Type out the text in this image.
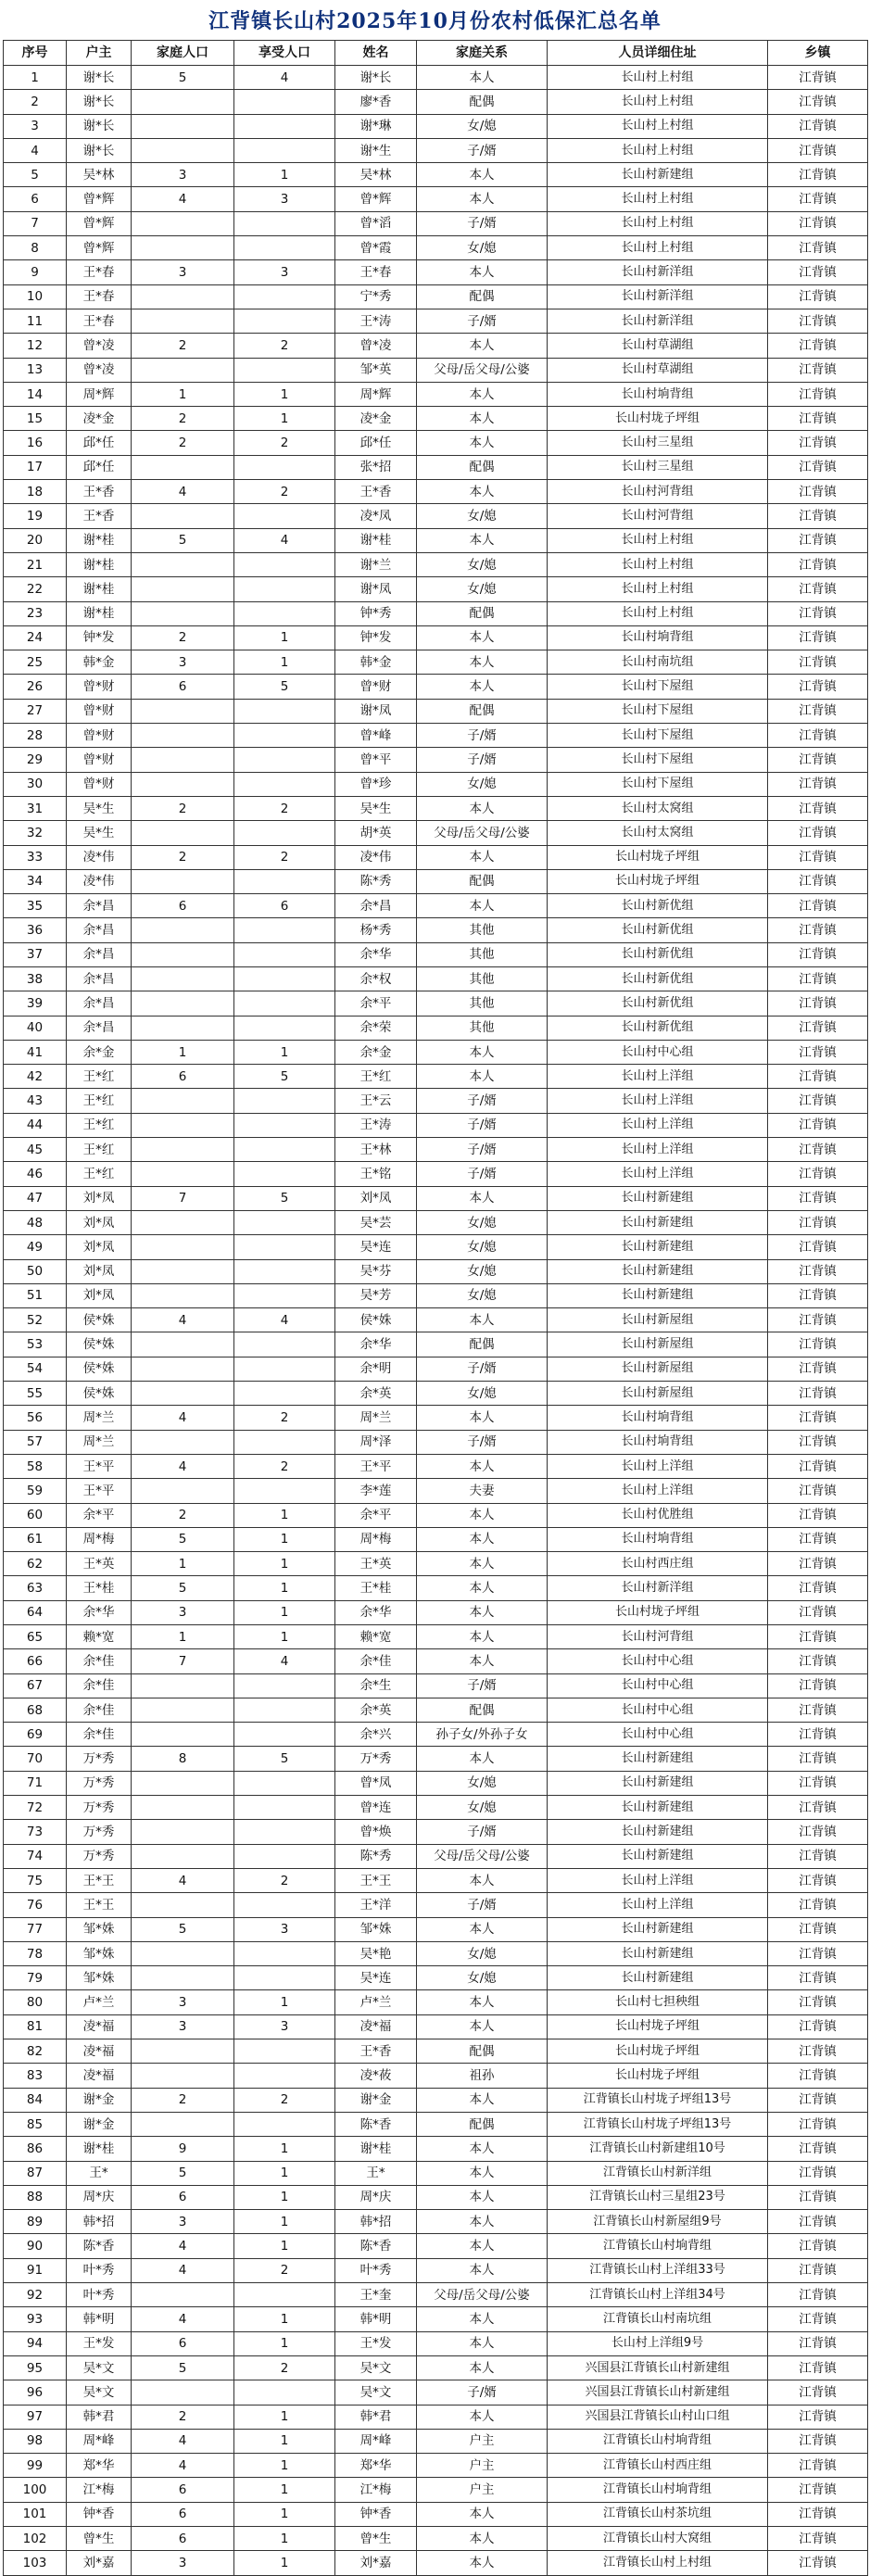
江背镇长山村2025年10月份农村低保汇总名单
序号	户主	家庭人口	享受人口	姓名	家庭关系	人员详细住址	乡镇
1	谢*长	5	4	谢*长	本人	长山村上村组	江背镇
2	谢*长			廖*香	配偶	长山村上村组	江背镇
3	谢*长			谢*琳	女/媳	长山村上村组	江背镇
4	谢*长			谢*生	子/婿	长山村上村组	江背镇
5	吴*林	3	1	吴*林	本人	长山村新建组	江背镇
6	曾*辉	4	3	曾*辉	本人	长山村上村组	江背镇
7	曾*辉			曾*滔	子/婿	长山村上村组	江背镇
8	曾*辉			曾*霞	女/媳	长山村上村组	江背镇
9	王*春	3	3	王*春	本人	长山村新洋组	江背镇
10	王*春			宁*秀	配偶	长山村新洋组	江背镇
11	王*春			王*涛	子/婿	长山村新洋组	江背镇
12	曾*凌	2	2	曾*凌	本人	长山村草湖组	江背镇
13	曾*凌			邹*英	父母/岳父母/公婆	长山村草湖组	江背镇
14	周*辉	1	1	周*辉	本人	长山村垧背组	江背镇
15	凌*金	2	1	凌*金	本人	长山村垅子坪组	江背镇
16	邱*任	2	2	邱*任	本人	长山村三星组	江背镇
17	邱*任			张*招	配偶	长山村三星组	江背镇
18	王*香	4	2	王*香	本人	长山村河背组	江背镇
19	王*香			凌*凤	女/媳	长山村河背组	江背镇
20	谢*桂	5	4	谢*桂	本人	长山村上村组	江背镇
21	谢*桂			谢*兰	女/媳	长山村上村组	江背镇
22	谢*桂			谢*凤	女/媳	长山村上村组	江背镇
23	谢*桂			钟*秀	配偶	长山村上村组	江背镇
24	钟*发	2	1	钟*发	本人	长山村垧背组	江背镇
25	韩*金	3	1	韩*金	本人	长山村南坑组	江背镇
26	曾*财	6	5	曾*财	本人	长山村下屋组	江背镇
27	曾*财			谢*凤	配偶	长山村下屋组	江背镇
28	曾*财			曾*峰	子/婿	长山村下屋组	江背镇
29	曾*财			曾*平	子/婿	长山村下屋组	江背镇
30	曾*财			曾*珍	女/媳	长山村下屋组	江背镇
31	吴*生	2	2	吴*生	本人	长山村太窝组	江背镇
32	吴*生			胡*英	父母/岳父母/公婆	长山村太窝组	江背镇
33	凌*伟	2	2	凌*伟	本人	长山村垅子坪组	江背镇
34	凌*伟			陈*秀	配偶	长山村垅子坪组	江背镇
35	余*昌	6	6	余*昌	本人	长山村新优组	江背镇
36	余*昌			杨*秀	其他	长山村新优组	江背镇
37	余*昌			余*华	其他	长山村新优组	江背镇
38	余*昌			余*权	其他	长山村新优组	江背镇
39	余*昌			余*平	其他	长山村新优组	江背镇
40	余*昌			余*荣	其他	长山村新优组	江背镇
41	余*金	1	1	余*金	本人	长山村中心组	江背镇
42	王*红	6	5	王*红	本人	长山村上洋组	江背镇
43	王*红			王*云	子/婿	长山村上洋组	江背镇
44	王*红			王*涛	子/婿	长山村上洋组	江背镇
45	王*红			王*林	子/婿	长山村上洋组	江背镇
46	王*红			王*铭	子/婿	长山村上洋组	江背镇
47	刘*凤	7	5	刘*凤	本人	长山村新建组	江背镇
48	刘*凤			吴*芸	女/媳	长山村新建组	江背镇
49	刘*凤			吴*连	女/媳	长山村新建组	江背镇
50	刘*凤			吴*芬	女/媳	长山村新建组	江背镇
51	刘*凤			吴*芳	女/媳	长山村新建组	江背镇
52	侯*姝	4	4	侯*姝	本人	长山村新屋组	江背镇
53	侯*姝			余*华	配偶	长山村新屋组	江背镇
54	侯*姝			余*明	子/婿	长山村新屋组	江背镇
55	侯*姝			余*英	女/媳	长山村新屋组	江背镇
56	周*兰	4	2	周*兰	本人	长山村垧背组	江背镇
57	周*兰			周*泽	子/婿	长山村垧背组	江背镇
58	王*平	4	2	王*平	本人	长山村上洋组	江背镇
59	王*平			李*莲	夫妻	长山村上洋组	江背镇
60	余*平	2	1	余*平	本人	长山村优胜组	江背镇
61	周*梅	5	1	周*梅	本人	长山村垧背组	江背镇
62	王*英	1	1	王*英	本人	长山村西庄组	江背镇
63	王*桂	5	1	王*桂	本人	长山村新洋组	江背镇
64	余*华	3	1	余*华	本人	长山村垅子坪组	江背镇
65	赖*宽	1	1	赖*宽	本人	长山村河背组	江背镇
66	余*佳	7	4	余*佳	本人	长山村中心组	江背镇
67	余*佳			余*生	子/婿	长山村中心组	江背镇
68	余*佳			余*英	配偶	长山村中心组	江背镇
69	余*佳			余*兴	孙子女/外孙子女	长山村中心组	江背镇
70	万*秀	8	5	万*秀	本人	长山村新建组	江背镇
71	万*秀			曾*凤	女/媳	长山村新建组	江背镇
72	万*秀			曾*连	女/媳	长山村新建组	江背镇
73	万*秀			曾*焕	子/婿	长山村新建组	江背镇
74	万*秀			陈*秀	父母/岳父母/公婆	长山村新建组	江背镇
75	王*王	4	2	王*王	本人	长山村上洋组	江背镇
76	王*王			王*洋	子/婿	长山村上洋组	江背镇
77	邹*姝	5	3	邹*姝	本人	长山村新建组	江背镇
78	邹*姝			吴*艳	女/媳	长山村新建组	江背镇
79	邹*姝			吴*连	女/媳	长山村新建组	江背镇
80	卢*兰	3	1	卢*兰	本人	长山村七担秧组	江背镇
81	凌*福	3	3	凌*福	本人	长山村垅子坪组	江背镇
82	凌*福			王*香	配偶	长山村垅子坪组	江背镇
83	凌*福			凌*莜	祖孙	长山村垅子坪组	江背镇
84	谢*金	2	2	谢*金	本人	江背镇长山村垅子坪组13号	江背镇
85	谢*金			陈*香	配偶	江背镇长山村垅子坪组13号	江背镇
86	谢*桂	9	1	谢*桂	本人	江背镇长山村新建组10号	江背镇
87	王*	5	1	王*	本人	江背镇长山村新洋组	江背镇
88	周*庆	6	1	周*庆	本人	江背镇长山村三星组23号	江背镇
89	韩*招	3	1	韩*招	本人	江背镇长山村新屋组9号	江背镇
90	陈*香	4	1	陈*香	本人	江背镇长山村垧背组	江背镇
91	叶*秀	4	2	叶*秀	本人	江背镇长山村上洋组33号	江背镇
92	叶*秀			王*奎	父母/岳父母/公婆	江背镇长山村上洋组34号	江背镇
93	韩*明	4	1	韩*明	本人	江背镇长山村南坑组	江背镇
94	王*发	6	1	王*发	本人	长山村上洋组9号	江背镇
95	吴*文	5	2	吴*文	本人	兴国县江背镇长山村新建组	江背镇
96	吴*文			吴*文	子/婿	兴国县江背镇长山村新建组	江背镇
97	韩*君	2	1	韩*君	本人	兴国县江背镇长山村山口组	江背镇
98	周*峰	4	1	周*峰	户主	江背镇长山村垧背组	江背镇
99	郑*华	4	1	郑*华	户主	江背镇长山村西庄组	江背镇
100	江*梅	6	1	江*梅	户主	江背镇长山村垧背组	江背镇
101	钟*香	6	1	钟*香	本人	江背镇长山村茶坑组	江背镇
102	曾*生	6	1	曾*生	本人	江背镇长山村大窝组	江背镇
103	刘*嘉	3	1	刘*嘉	本人	江背镇长山村上村组	江背镇
